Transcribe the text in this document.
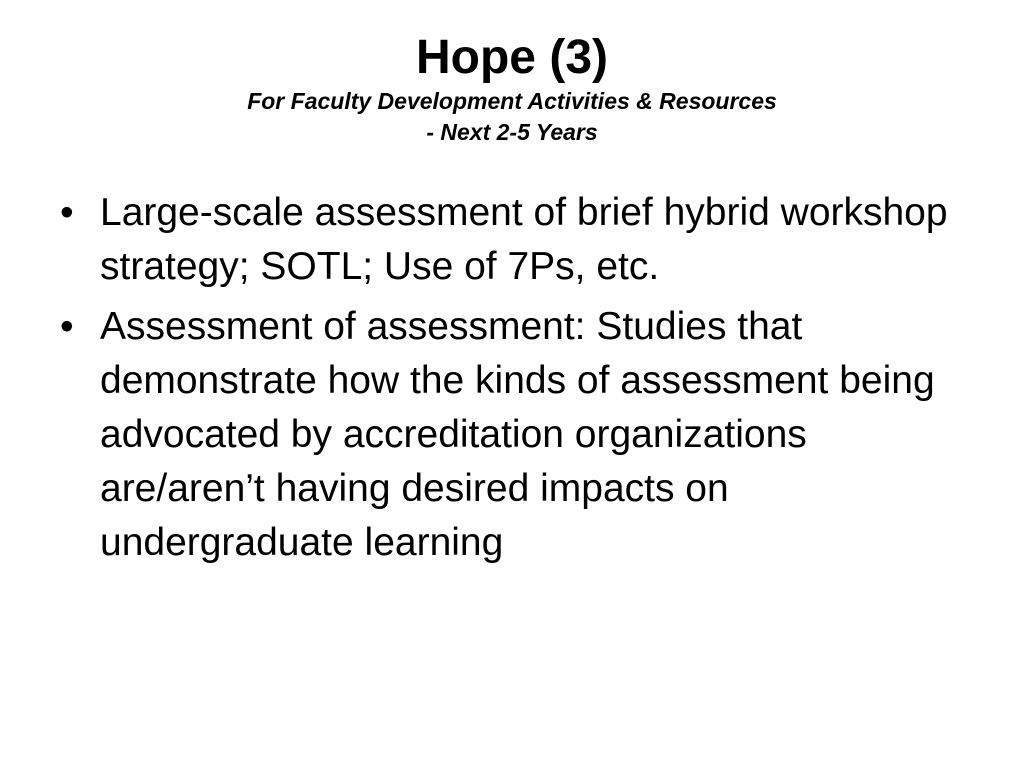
Hope (3)

For Faculty Development Activities & Resources

- Next 2-5 Years

• Large-scale assessment of brief hybrid workshop strategy; SOTL; Use of 7Ps, etc.
• Assessment of assessment: Studies that demonstrate how the kinds of assessment being advocated by accreditation organizations are/aren’t having desired impacts on undergraduate learning
